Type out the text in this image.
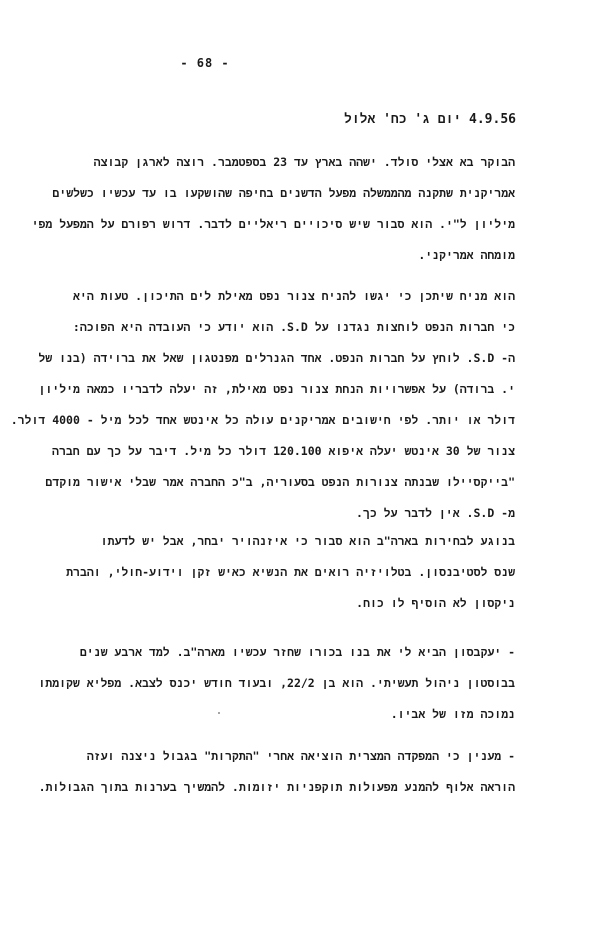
- 68 -
4.9.56 יום ג' כח' אלול
הבוקר בא אצלי סולד. ישהה בארץ עד 23 בספטמבר. רוצה לארגן קבוצה
אמריקנית שתקנה מהממשלה מפעל הדשנים בחיפה שהושקעו בו עד עכשיו כשלשים
מיליון ל"י. הוא סבור שיש סיכויים ריאליים לדבר. דרוש רפורם על המפעל מפי
מומחה אמריקני.
הוא מניח שיתכן כי יגשו להניח צנור נפט מאילת לים התיכון. טעות היא
כי חברות הנפט לוחצות נגדנו על S.D. הוא יודע כי העובדה היא הפוכה:
ה- S.D. לוחץ על חברות הנפט. אחד הגנרלים מפנטגון שאל את ברוידה (בנו של
י. ברודה) על אפשרויות הנחת צנור נפט מאילת, זה יעלה לדבריו כמאה מיליון
דולר או יותר. לפי חישובים אמריקנים עולה כל אינטש אחד לכל מיל - 4000 דולר.
צנור של 30 אינטש יעלה איפוא 120.100 דולר כל מיל. דיבר על כך עם חברה
"בייקסיילו שבנתה צנורות הנפט בסעוריה, ב"כ החברה אמר שבלי אישור מוקדם
מ- S.D. אין לדבר על כך.
בנוגע לבחירות בארה"ב הוא סבור כי איזנהויר יבחר, אבל יש לדעתו
שנס לסטיבנסון. בטלויזיה רואים את הנשיא כאיש זקן וידוע-חולי, והברת
ניקסון לא הוסיף לו כוח.
- יעקבסון הביא לי את בנו בכורו שחזר עכשיו מארה"ב. למד ארבע שנים
בבוסטון ניהול תעשיתי. הוא בן 22/2, ובעוד חודש יכנס לצבא. מפליא שקומתו
נמוכה מזו של אביו.
- מענין כי המפקדה המצרית הוציאה אחרי "התקרות" בגבול ניצנה ועזה
הוראה אלוף להמנע מפעולות תוקפניות יזומות. להמשיך בערנות בתוך הגבולות.
